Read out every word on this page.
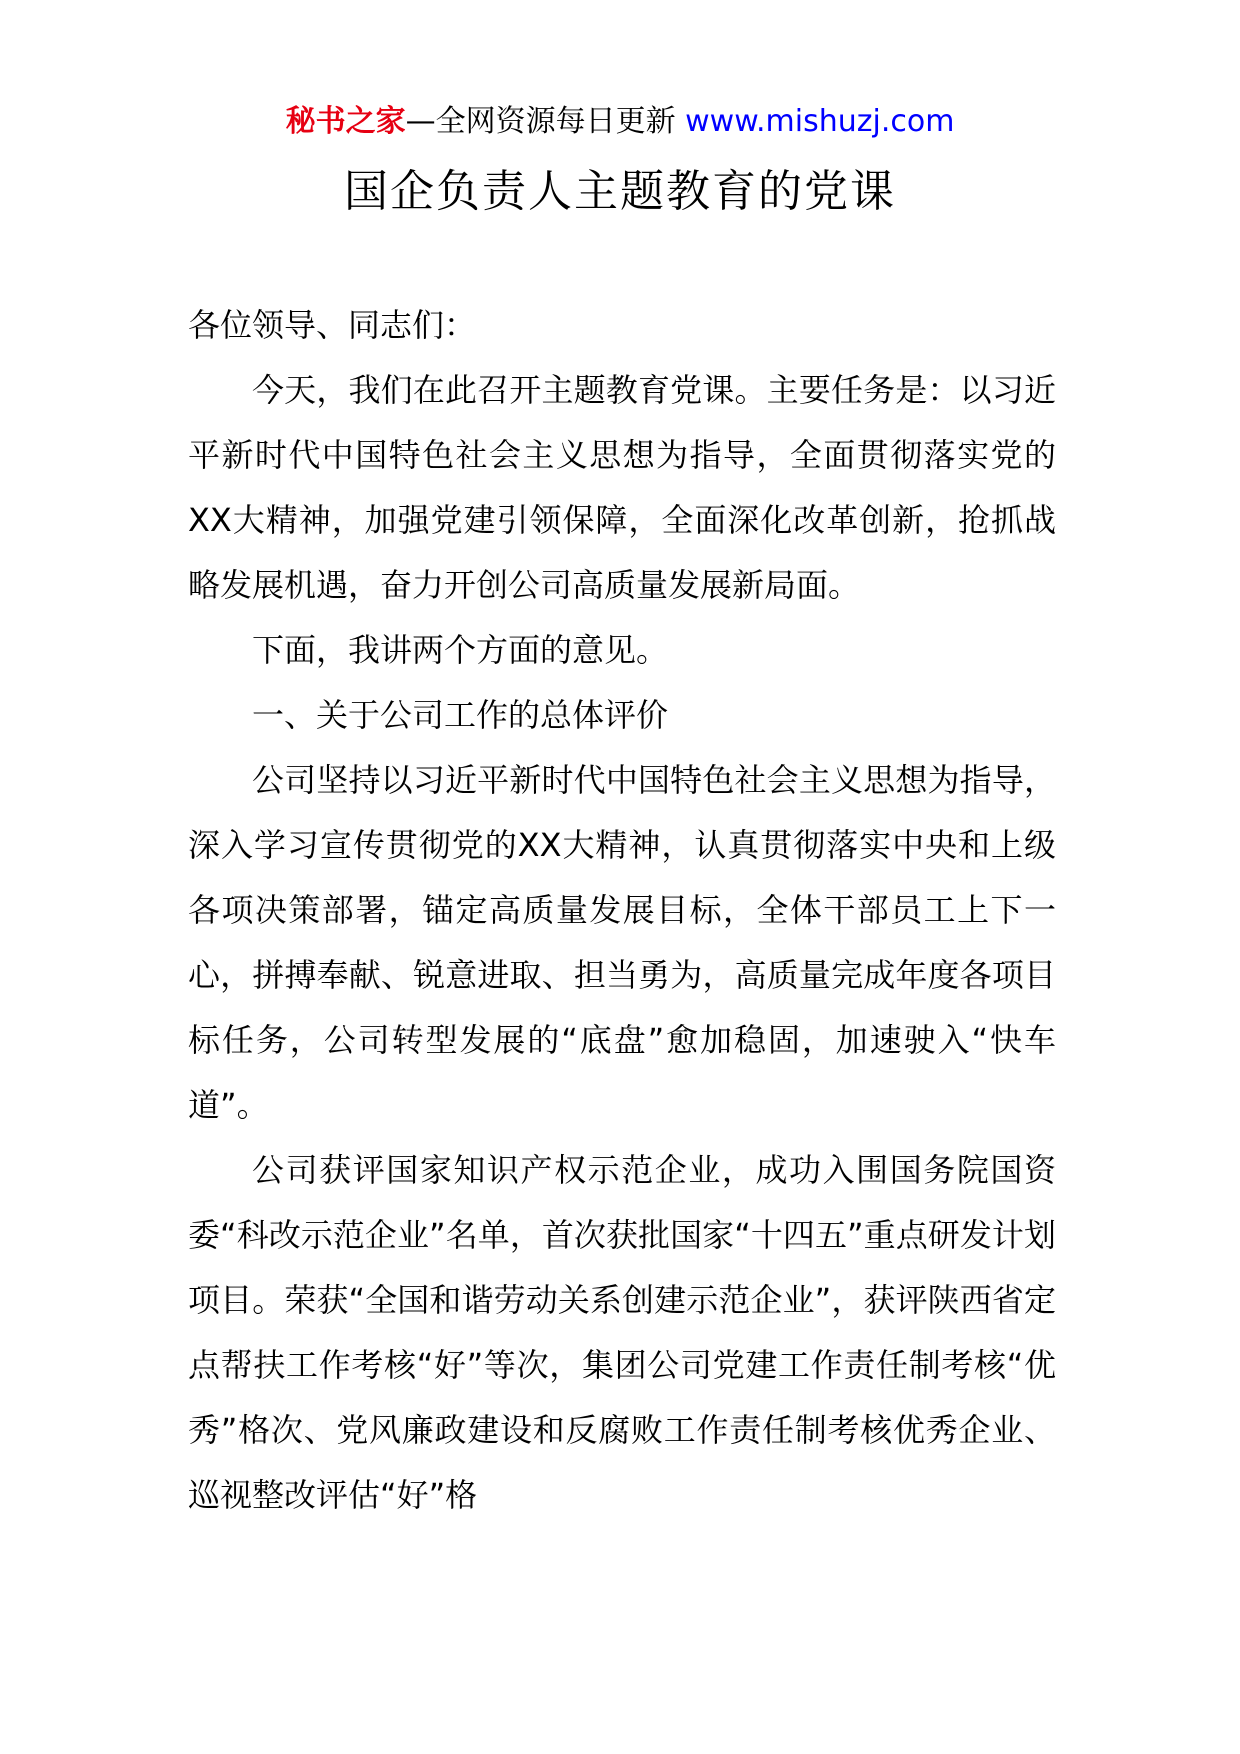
秘书之家—全网资源每日更新 www.mishuzj.com
国企负责人主题教育的党课

各位领导、同志们：

今天，我们在此召开主题教育党课。主要任务是：以习近平新时代中国特色社会主义思想为指导，全面贯彻落实党的XX大精神，加强党建引领保障，全面深化改革创新，抢抓战略发展机遇，奋力开创公司高质量发展新局面。

下面，我讲两个方面的意见。

一、关于公司工作的总体评价

公司坚持以习近平新时代中国特色社会主义思想为指导，深入学习宣传贯彻党的XX大精神，认真贯彻落实中央和上级各项决策部署，锚定高质量发展目标，全体干部员工上下一心，拼搏奉献、锐意进取、担当勇为，高质量完成年度各项目标任务，公司转型发展的“底盘”愈加稳固，加速驶入“快车道”。

公司获评国家知识产权示范企业，成功入围国务院国资委“科改示范企业”名单，首次获批国家“十四五”重点研发计划项目。荣获“全国和谐劳动关系创建示范企业”，获评陕西省定点帮扶工作考核“好”等次，集团公司党建工作责任制考核“优秀”格次、党风廉政建设和反腐败工作责任制考核优秀企业、巡视整改评估“好”格
